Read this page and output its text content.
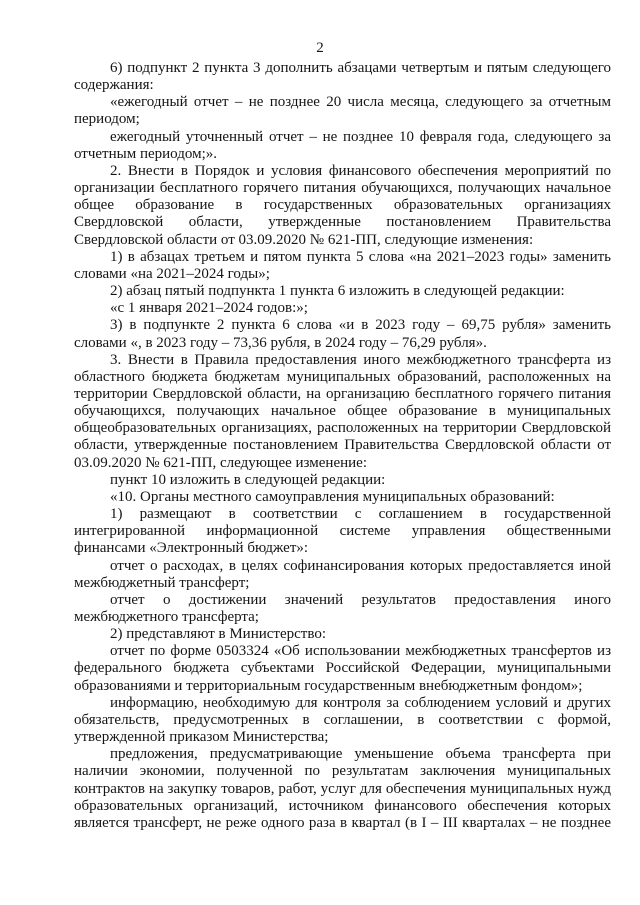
2

6) подпункт 2 пункта 3 дополнить абзацами четвертым и пятым следующего содержания:

«ежегодный отчет – не позднее 20 числа месяца, следующего за отчетным периодом;

ежегодный уточненный отчет – не позднее 10 февраля года, следующего за отчетным периодом;».

2. Внести в Порядок и условия финансового обеспечения мероприятий по организации бесплатного горячего питания обучающихся, получающих начальное общее образование в государственных образовательных организациях Свердловской области, утвержденные постановлением Правительства Свердловской области от 03.09.2020 № 621-ПП, следующие изменения:

1) в абзацах третьем и пятом пункта 5 слова «на 2021–2023 годы» заменить словами «на 2021–2024 годы»;

2) абзац пятый подпункта 1 пункта 6 изложить в следующей редакции:

«с 1 января 2021–2024 годов:»;

3) в подпункте 2 пункта 6 слова «и в 2023 году – 69,75 рубля» заменить словами «, в 2023 году – 73,36 рубля, в 2024 году – 76,29 рубля».

3. Внести в Правила предоставления иного межбюджетного трансферта из областного бюджета бюджетам муниципальных образований, расположенных на территории Свердловской области, на организацию бесплатного горячего питания обучающихся, получающих начальное общее образование в муниципальных общеобразовательных организациях, расположенных на территории Свердловской области, утвержденные постановлением Правительства Свердловской области от 03.09.2020 № 621-ПП, следующее изменение:

пункт 10 изложить в следующей редакции:

«10. Органы местного самоуправления муниципальных образований:

1) размещают в соответствии с соглашением в государственной интегрированной информационной системе управления общественными финансами «Электронный бюджет»:

отчет о расходах, в целях софинансирования которых предоставляется иной межбюджетный трансферт;

отчет о достижении значений результатов предоставления иного межбюджетного трансферта;

2) представляют в Министерство:

отчет по форме 0503324 «Об использовании межбюджетных трансфертов из федерального бюджета субъектами Российской Федерации, муниципальными образованиями и территориальным государственным внебюджетным фондом»;

информацию, необходимую для контроля за соблюдением условий и других обязательств, предусмотренных в соглашении, в соответствии с формой, утвержденной приказом Министерства;

предложения, предусматривающие уменьшение объема трансферта при наличии экономии, полученной по результатам заключения муниципальных контрактов на закупку товаров, работ, услуг для обеспечения муниципальных нужд образовательных организаций, источником финансового обеспечения которых является трансферт, не реже одного раза в квартал (в I – III кварталах – не позднее
